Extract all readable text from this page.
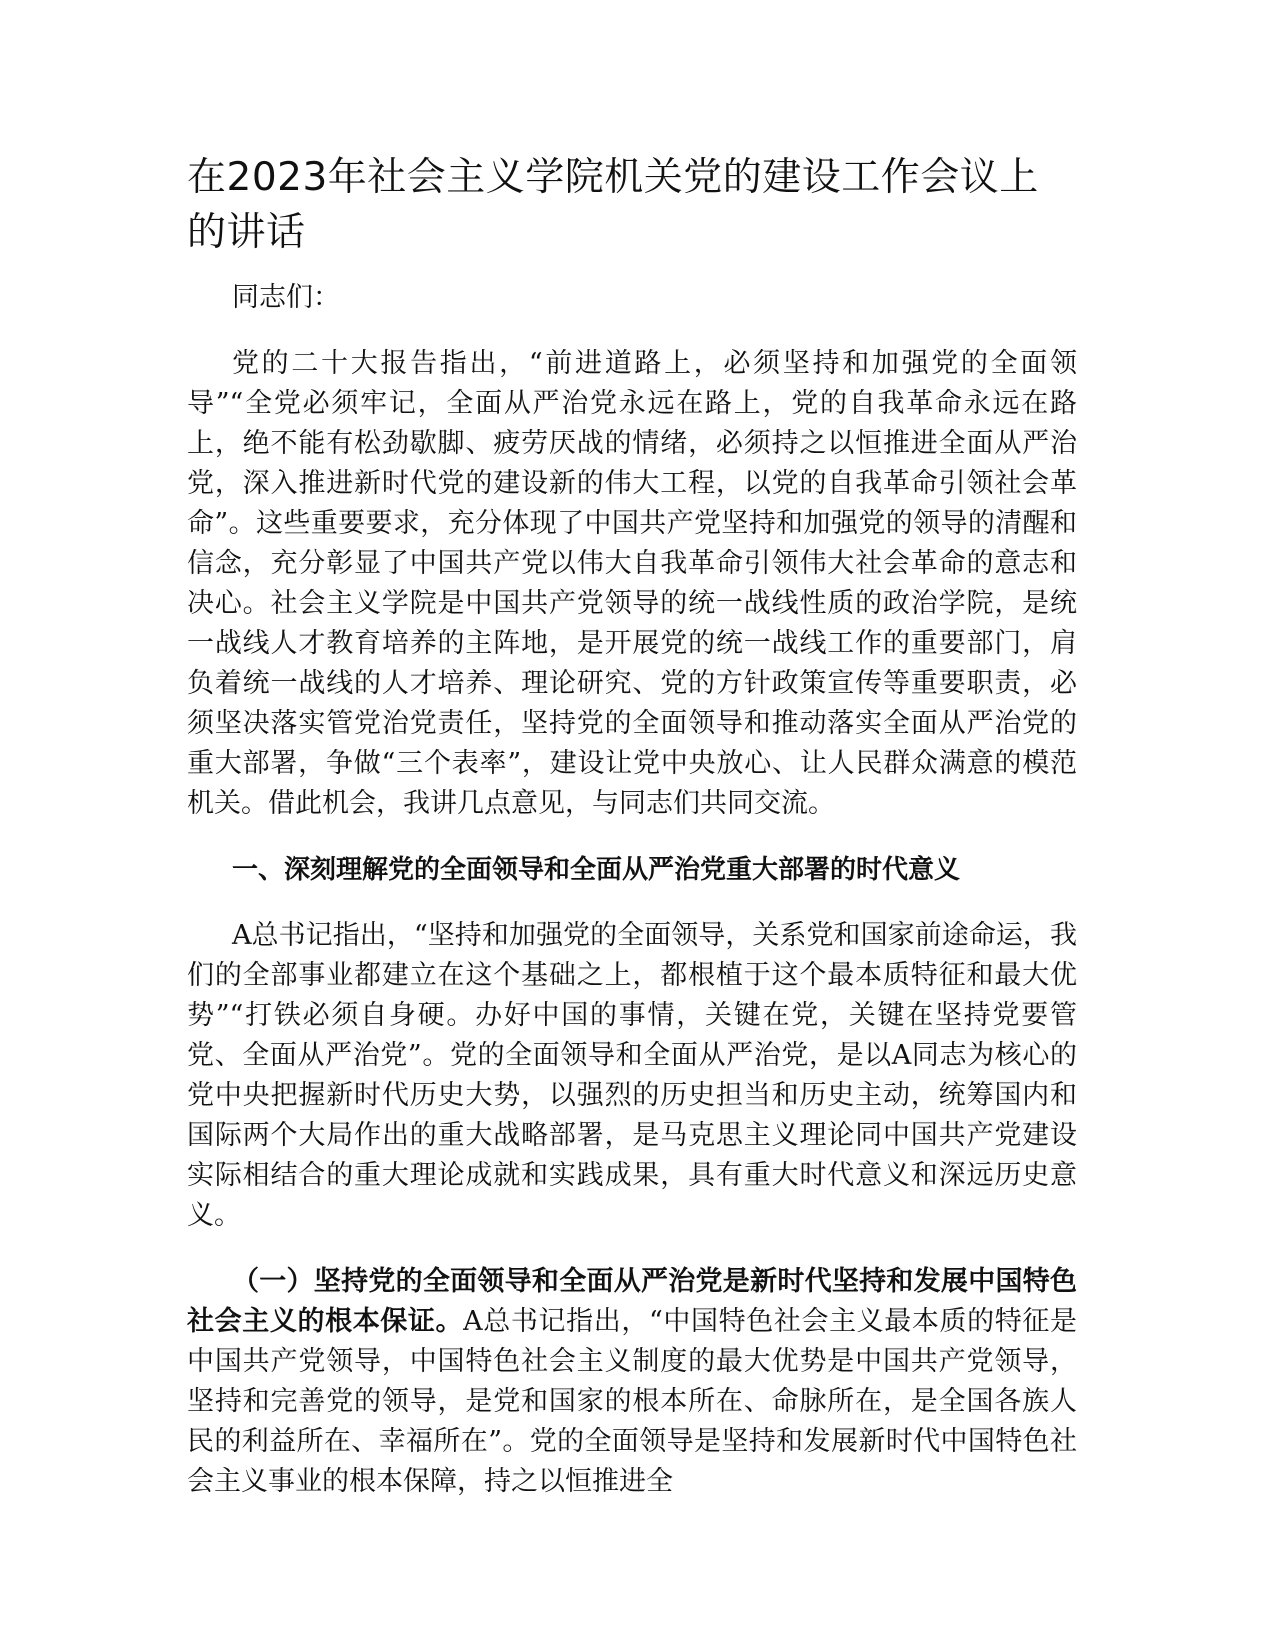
在2023年社会主义学院机关党的建设工作会议上的讲话

同志们：

党的二十大报告指出，“前进道路上，必须坚持和加强党的全面领导”“全党必须牢记，全面从严治党永远在路上，党的自我革命永远在路上，绝不能有松劲歇脚、疲劳厌战的情绪，必须持之以恒推进全面从严治党，深入推进新时代党的建设新的伟大工程，以党的自我革命引领社会革命”。这些重要要求，充分体现了中国共产党坚持和加强党的领导的清醒和信念，充分彰显了中国共产党以伟大自我革命引领伟大社会革命的意志和决心。社会主义学院是中国共产党领导的统一战线性质的政治学院，是统一战线人才教育培养的主阵地，是开展党的统一战线工作的重要部门，肩负着统一战线的人才培养、理论研究、党的方针政策宣传等重要职责，必须坚决落实管党治党责任，坚持党的全面领导和推动落实全面从严治党的重大部署，争做“三个表率”，建设让党中央放心、让人民群众满意的模范机关。借此机会，我讲几点意见，与同志们共同交流。

一、深刻理解党的全面领导和全面从严治党重大部署的时代意义

A总书记指出，“坚持和加强党的全面领导，关系党和国家前途命运，我们的全部事业都建立在这个基础之上，都根植于这个最本质特征和最大优势”“打铁必须自身硬。办好中国的事情，关键在党，关键在坚持党要管党、全面从严治党”。党的全面领导和全面从严治党，是以A同志为核心的党中央把握新时代历史大势，以强烈的历史担当和历史主动，统筹国内和国际两个大局作出的重大战略部署，是马克思主义理论同中国共产党建设实际相结合的重大理论成就和实践成果，具有重大时代意义和深远历史意义。

（一）坚持党的全面领导和全面从严治党是新时代坚持和发展中国特色社会主义的根本保证。A总书记指出，“中国特色社会主义最本质的特征是中国共产党领导，中国特色社会主义制度的最大优势是中国共产党领导，坚持和完善党的领导，是党和国家的根本所在、命脉所在，是全国各族人民的利益所在、幸福所在”。党的全面领导是坚持和发展新时代中国特色社会主义事业的根本保障，持之以恒推进全
